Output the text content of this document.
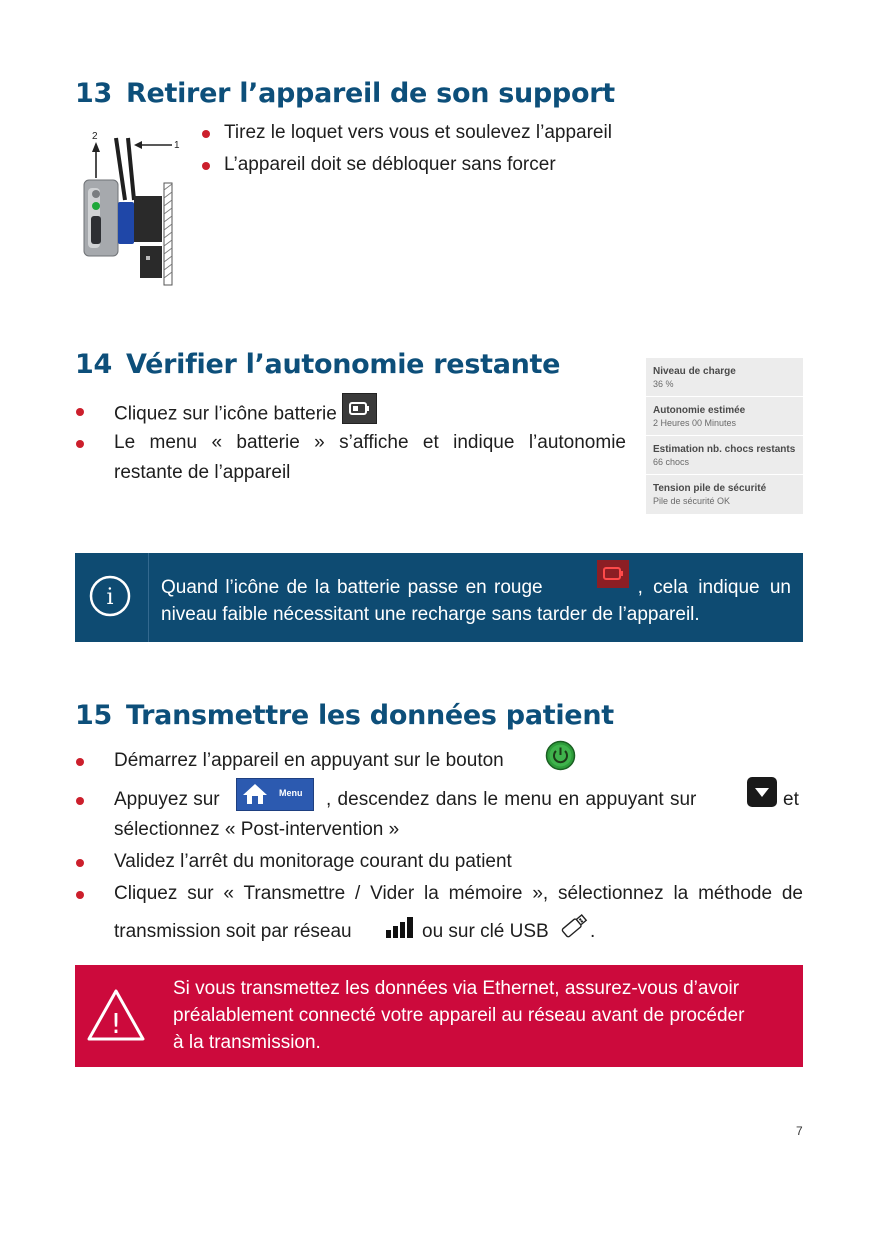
13 Retirer l’appareil de son support
2
1
Tirez le loquet vers vous et soulevez l’appareil
L’appareil doit se débloquer sans forcer
14 Vérifier l’autonomie restante
Cliquez sur l’icône batterie
Le menu « batterie » s’affiche et indique l’autonomie
restante de l’appareil
Niveau de charge
36 %
Autonomie estimée
2 Heures 00 Minutes
Estimation nb. chocs restants
66 chocs
Tension pile de sécurité
Pile de sécurité OK
i Quand l’icône de la batterie passe en rouge	, cela indique un
niveau faible nécessitant une recharge sans tarder de l’appareil.
15 Transmettre les données patient
Démarrez l’appareil en appuyant sur le bouton
Appuyez sur	Menu , descendez dans le menu en appuyant sur	et
sélectionnez « Post-intervention »
Validez l’arrêt du monitorage courant du patient
Cliquez sur « Transmettre / Vider la mémoire », sélectionnez la méthode de
transmission soit par réseau	ou sur clé USB .
!
Si vous transmettez les données via Ethernet, assurez-vous d’avoir
préalablement connecté votre appareil au réseau avant de procéder
à la transmission.
7
